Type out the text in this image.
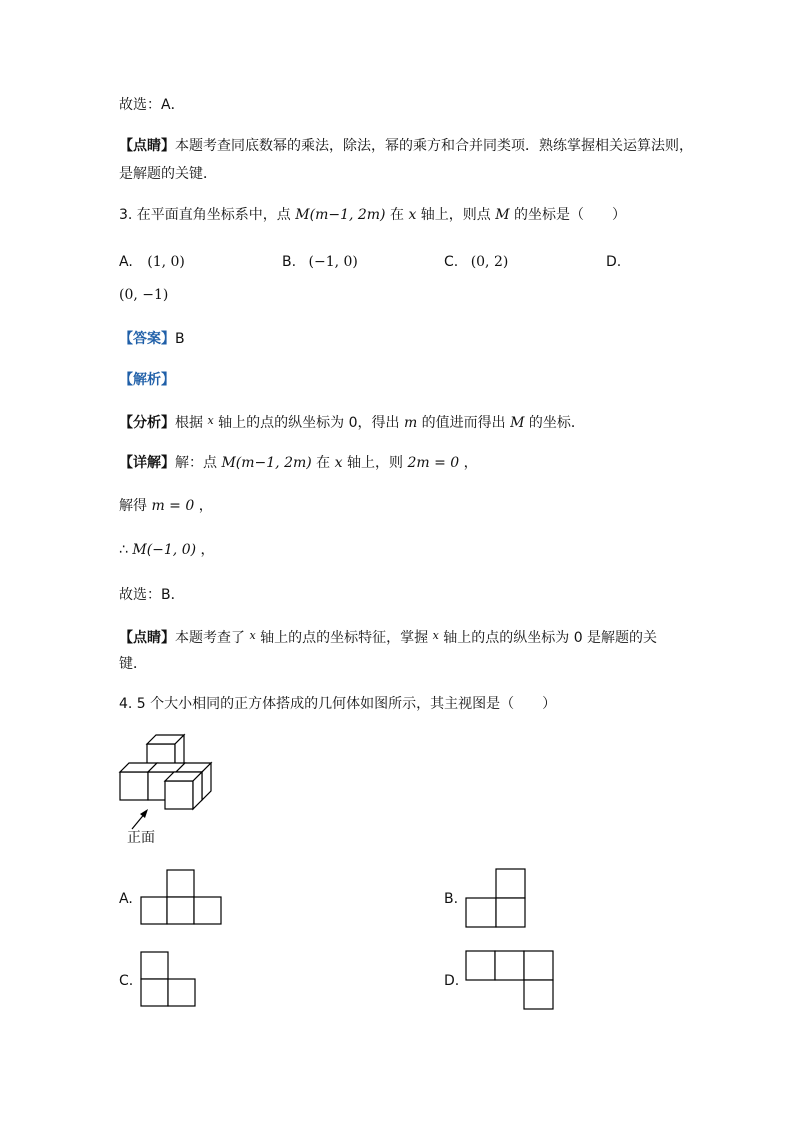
故选：A．
【点睛】本题考查同底数幂的乘法，除法，幂的乘方和合并同类项．熟练掌握相关运算法则，
是解题的关键．
3. 在平面直角坐标系中，点 M(m−1, 2m) 在 x 轴上，则点 M 的坐标是（　　）
A. (1, 0)	B. (−1, 0)	C. (0, 2)	D.
(0, −1)
【答案】B
【解析】
【分析】根据 $^x$ 轴上的点的纵坐标为 0，得出 m 的值进而得出 M 的坐标．
【详解】解：点 M(m−1, 2m) 在 x 轴上，则 2m = 0 ，
解得 m = 0 ，
∴ M(−1, 0) ，
故选：B．
【点睛】本题考查了 $^x$ 轴上的点的坐标特征，掌握 $^x$ 轴上的点的纵坐标为 0 是解题的关
键．
4. 5 个大小相同的正方体搭成的几何体如图所示，其主视图是（　　）
正面
A.	B.
C.	D.
